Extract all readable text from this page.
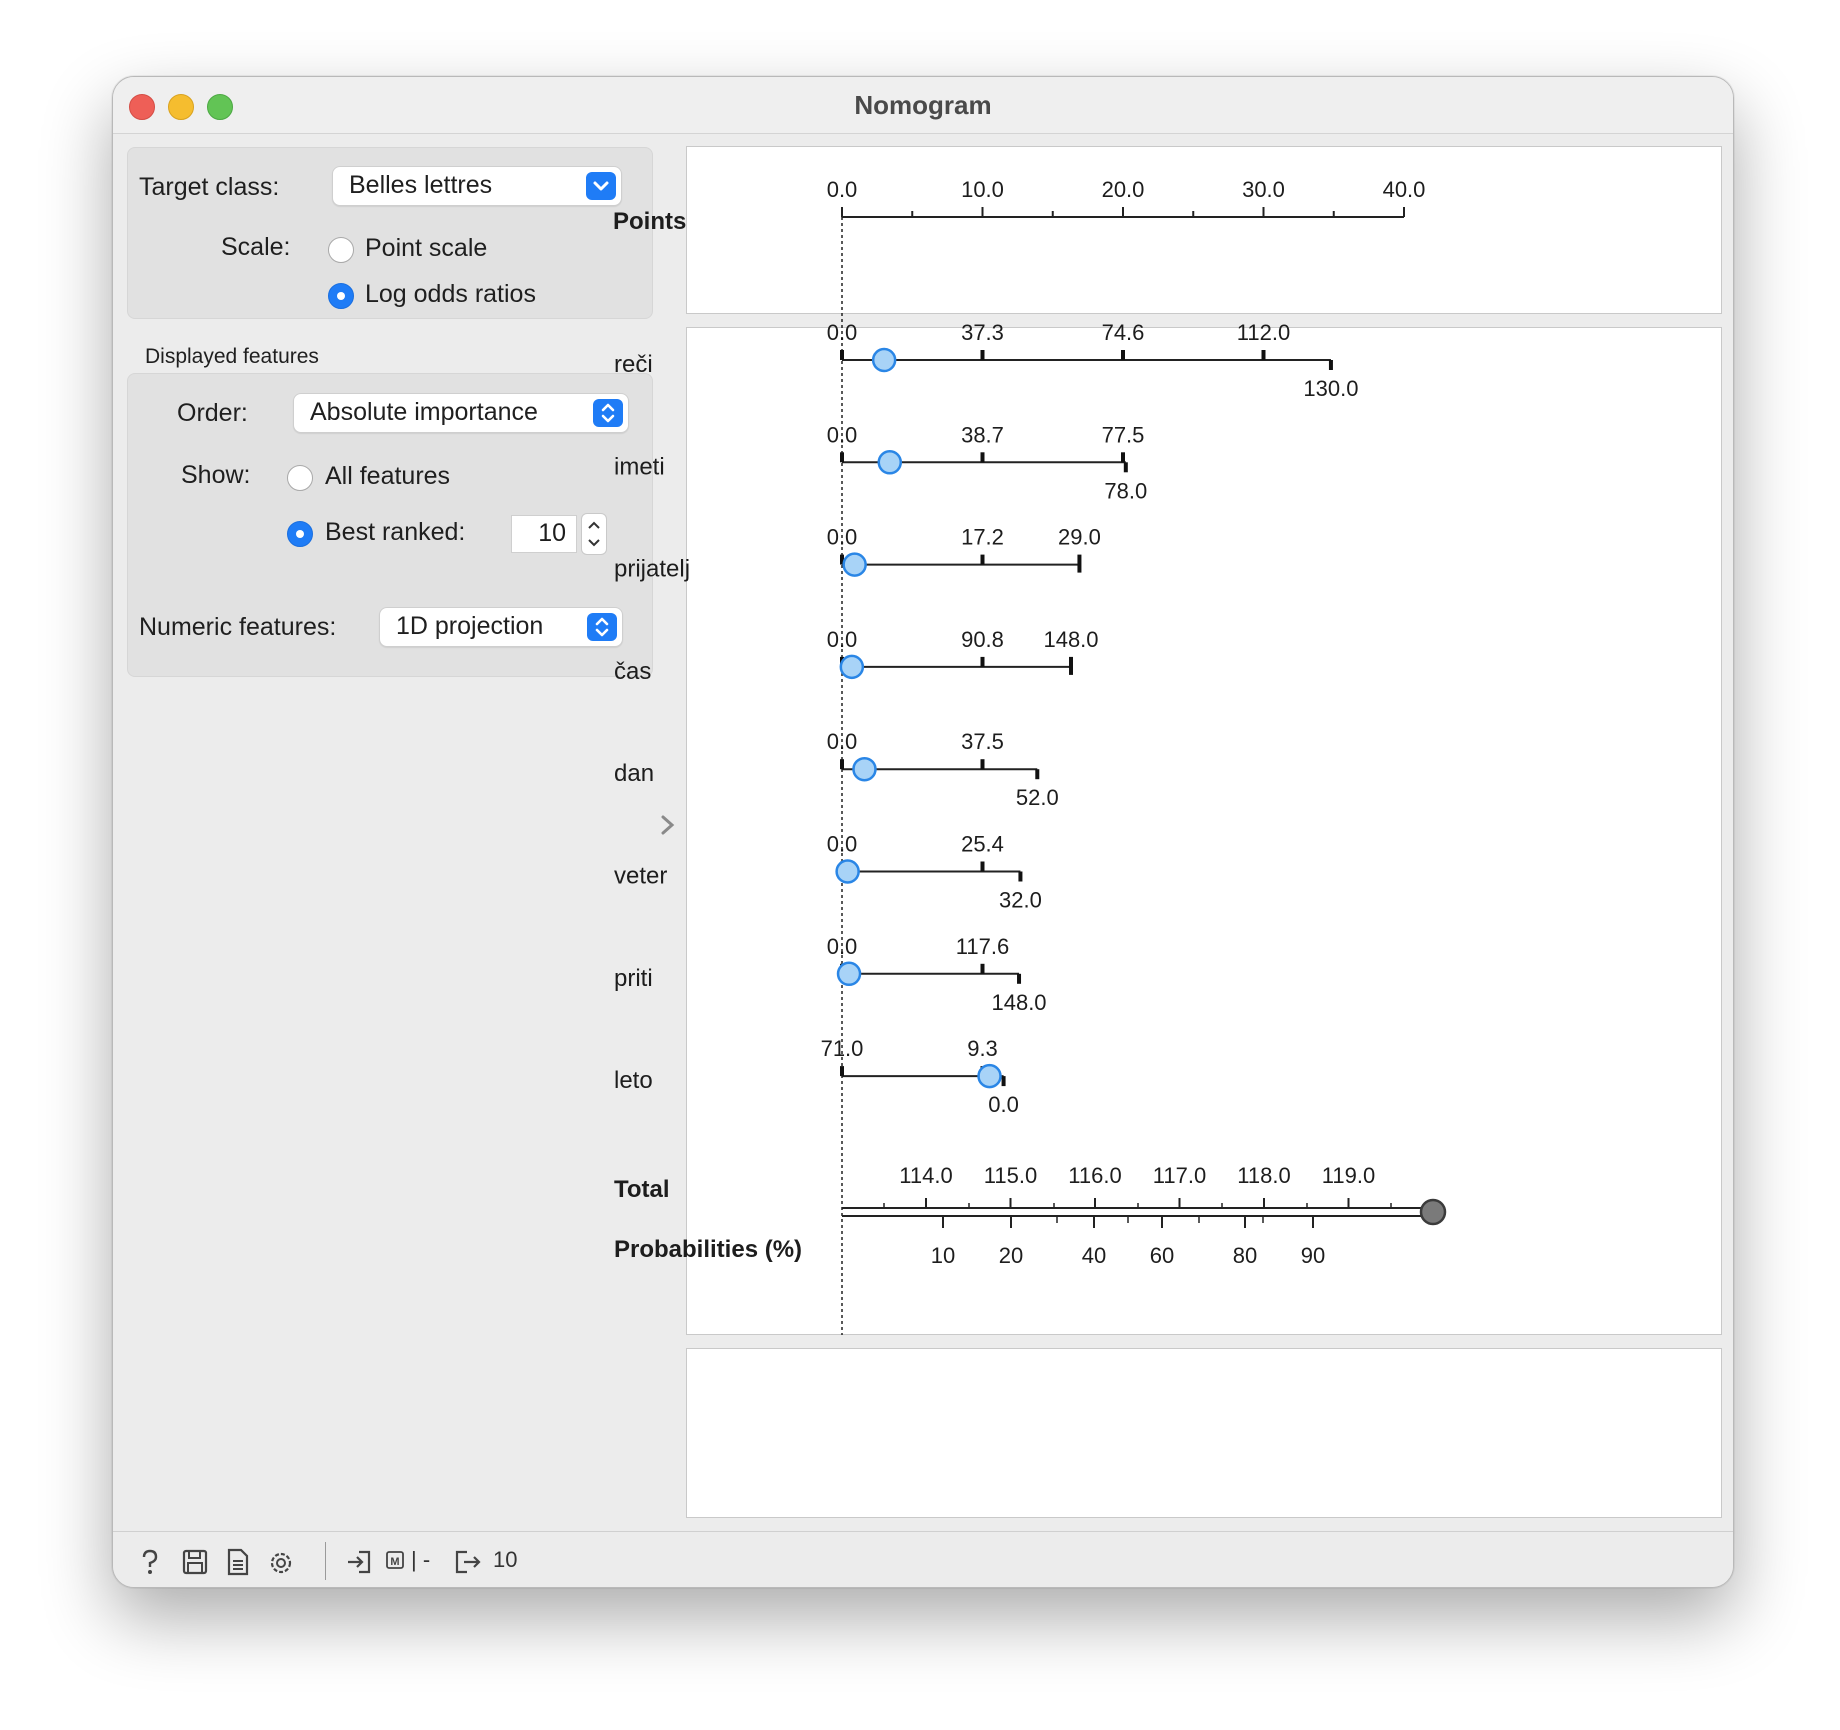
Nomogram
Target class:	Belles lettres
Scale:	Point scale
Log odds ratios
Displayed features
Order: Absolute importance
Show:	All features
Best ranked:	10
Numeric features: 1D projection
Points
0.0	10.0	20.0	30.0	40.0
reči
0.0	37.3	74.6	112.0
130.0
imeti
0.0	38.7	77.5
78.0
prijatelj
0.0	17.2 29.0
čas
0.0	90.8 148.0
dan
0.0	37.5
52.0
veter
0.0	25.4
32.0
priti
0.0	117.6
148.0
leto
71.0	9.3
0.0
Total
Probabilities (%)
114.0 115.0 116.0 117.0 118.0 119.0
10 20	40 60	80 90
M | -	10
